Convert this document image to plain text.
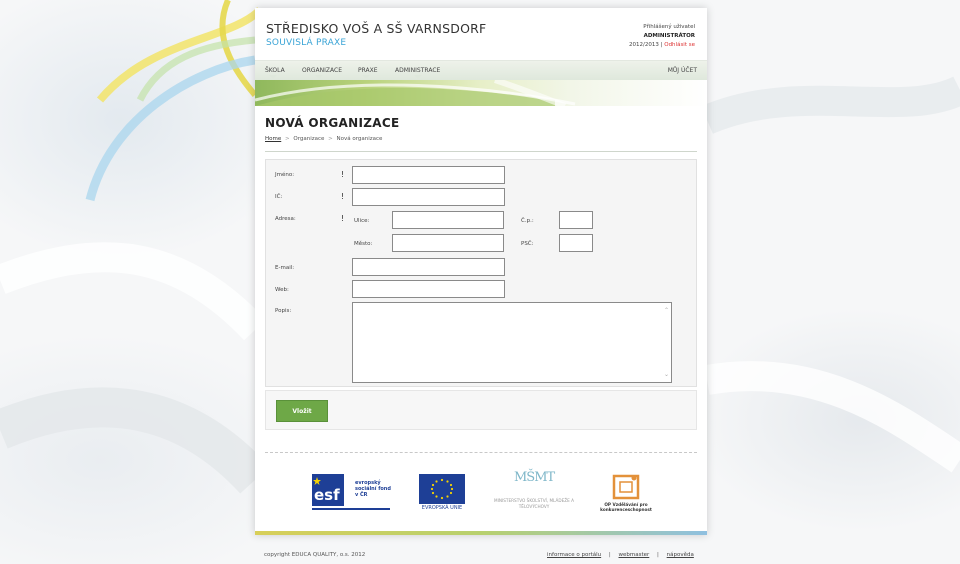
STŘEDISKO VOŠ A SŠ VARNSDORF
SOUVISLÁ PRAXE
Přihlášený uživatel
ADMINISTRÁTOR
2012/2013 | Odhlásit se
ŠKOLA	ORGANIZACE	PRAXE	ADMINISTRACE	MŮJ ÚČET
NOVÁ ORGANIZACE
Home > Organizace > Nová organizace
Jméno:	!
IČ:	!
Adresa:	! Ulice:	Č.p.:
Město:	PSČ:
E-mail:
Web:
Popis:	⌃
⌄
Vložit
esf
evropský sociální fond v ČR
EVROPSKÁ UNIE
MŠMT
MINISTERSTVO ŠKOLSTVÍ, MLÁDEŽE A TĚLOVÝCHOVY	OP Vzdělávání pro konkurenceschopnost
copyright EDUCA QUALITY, o.s. 2012	informace o portálu | webmaster | nápověda
